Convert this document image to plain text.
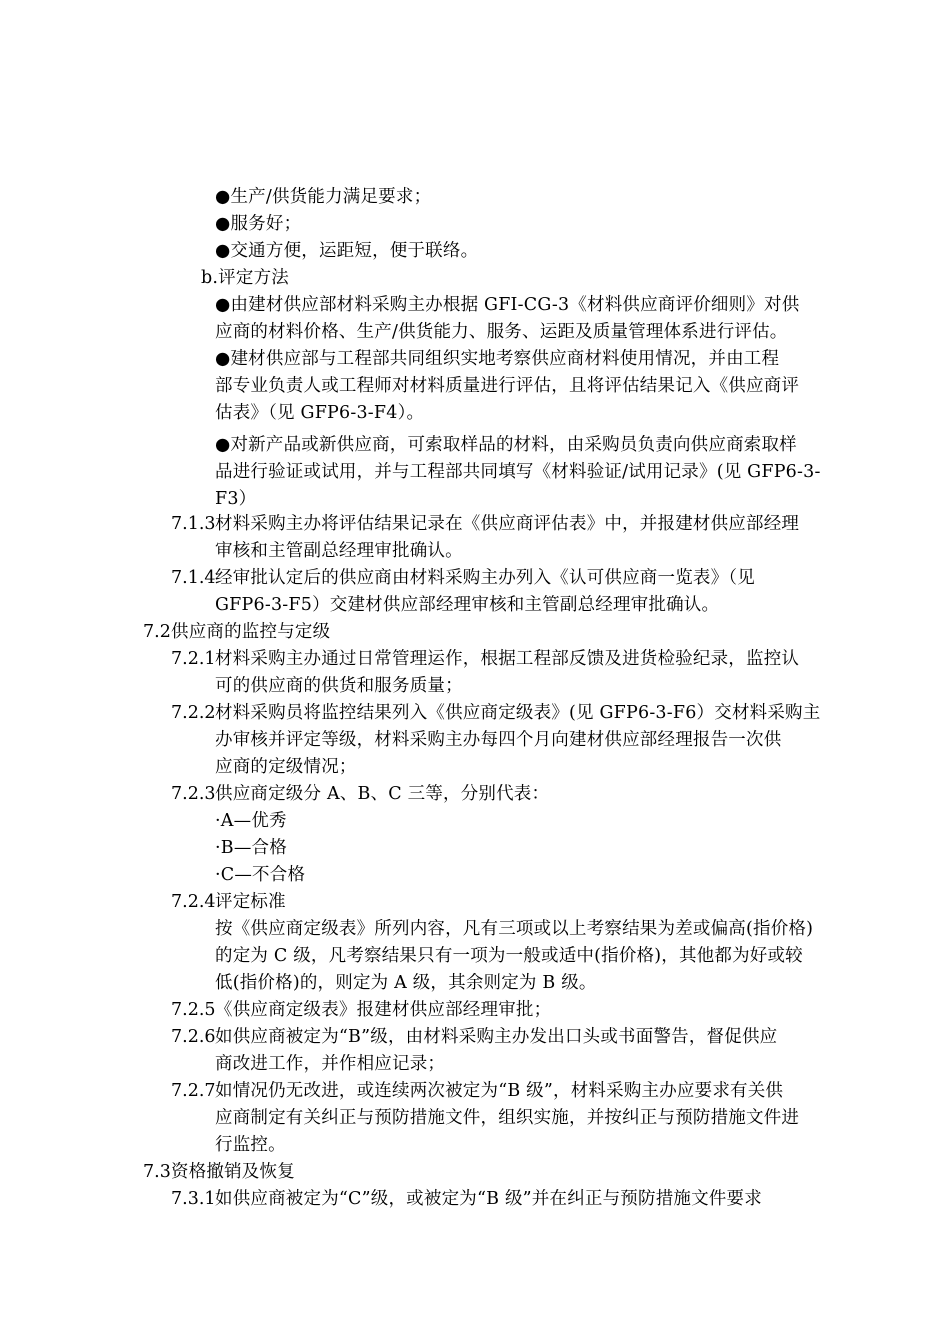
●生产/供货能力满足要求；
●服务好；
●交通方便，运距短，便于联络。
b.评定方法
●由建材供应部材料采购主办根据 GFI-CG-3《材料供应商评价细则》对供
应商的材料价格、生产/供货能力、服务、运距及质量管理体系进行评估。
●建材供应部与工程部共同组织实地考察供应商材料使用情况，并由工程
部专业负责人或工程师对材料质量进行评估，且将评估结果记入《供应商评
估表》（见 GFP6-3-F4）。
●对新产品或新供应商，可索取样品的材料，由采购员负责向供应商索取样
品进行验证或试用，并与工程部共同填写《材料验证/试用记录》(见 GFP6-3-
F3）
7.1.3 材料采购主办将评估结果记录在《供应商评估表》中，并报建材供应部经理
审核和主管副总经理审批确认。
7.1.4 经审批认定后的供应商由材料采购主办列入《认可供应商一览表》（见
GFP6-3-F5）交建材供应部经理审核和主管副总经理审批确认。
7.2 供应商的监控与定级
7.2.1 材料采购主办通过日常管理运作，根据工程部反馈及进货检验纪录，监控认
可的供应商的供货和服务质量；
7.2.2 材料采购员将监控结果列入《供应商定级表》(见 GFP6-3-F6）交材料采购主
办审核并评定等级，材料采购主办每四个月向建材供应部经理报告一次供
应商的定级情况；
7.2.3 供应商定级分 A、B、C 三等，分别代表：
·A—优秀
·B—合格
·C—不合格
7.2.4 评定标准
按《供应商定级表》所列内容，凡有三项或以上考察结果为差或偏高(指价格)
的定为 C 级，凡考察结果只有一项为一般或适中(指价格)，其他都为好或较
低(指价格)的，则定为 A 级，其余则定为 B 级。
7.2.5 《供应商定级表》报建材供应部经理审批；
7.2.6 如供应商被定为“B”级，由材料采购主办发出口头或书面警告，督促供应
商改进工作，并作相应记录；
7.2.7 如情况仍无改进，或连续两次被定为“B 级”，材料采购主办应要求有关供
应商制定有关纠正与预防措施文件，组织实施，并按纠正与预防措施文件进
行监控。
7.3 资格撤销及恢复
7.3.1 如供应商被定为“C”级，或被定为“B 级”并在纠正与预防措施文件要求
